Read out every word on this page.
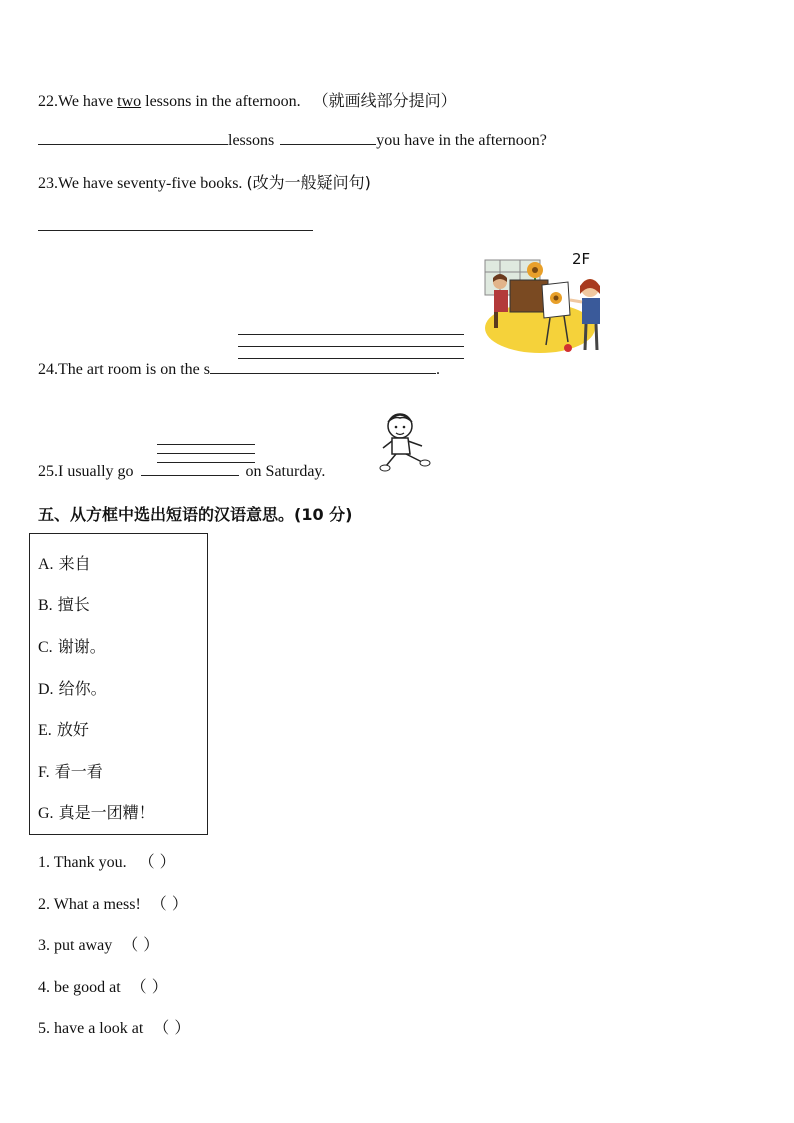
22.We have two lessons in the afternoon. （就画线部分提问）
lessons	you have in the afternoon?
23.We have seventy-five books. (改为一般疑问句)
24.The art room is on the s	.
2F
25.I usually go	on Saturday.
五、从方框中选出短语的汉语意思。(10 分)
A. 来自
B. 擅长
C. 谢谢。
D. 给你。
E. 放好
F. 看一看
G. 真是一团糟！
1. Thank you. （ ）
2. What a mess! （ ）
3. put away （ ）
4. be good at （ ）
5. have a look at （ ）
